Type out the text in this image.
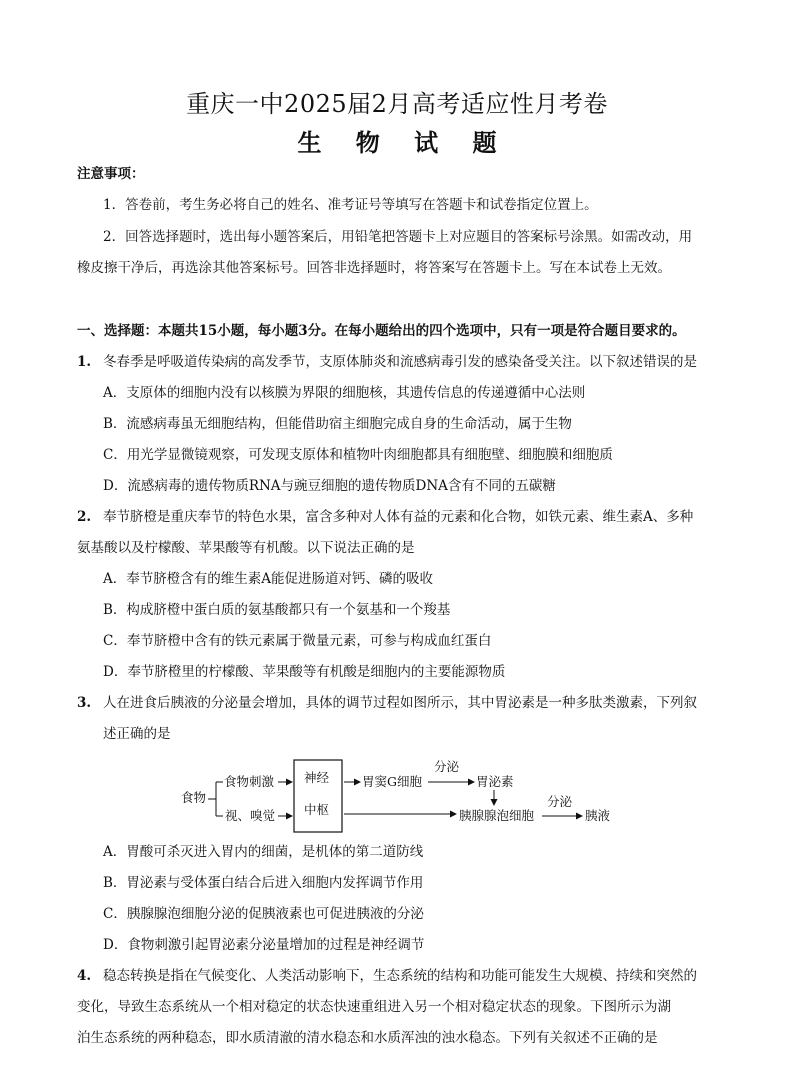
重庆一中2025届2月高考适应性月考卷
生 物 试 题
注意事项：
1．答卷前，考生务必将自己的姓名、准考证号等填写在答题卡和试卷指定位置上。
2．回答选择题时，选出每小题答案后，用铅笔把答题卡上对应题目的答案标号涂黑。如需改动，用
橡皮擦干净后，再选涂其他答案标号。回答非选择题时，将答案写在答题卡上。写在本试卷上无效。
一、选择题：本题共15小题，每小题3分。在每小题给出的四个选项中，只有一项是符合题目要求的。
1. 冬春季是呼吸道传染病的高发季节，支原体肺炎和流感病毒引发的感染备受关注。以下叙述错误的是
A．支原体的细胞内没有以核膜为界限的细胞核，其遗传信息的传递遵循中心法则
B．流感病毒虽无细胞结构，但能借助宿主细胞完成自身的生命活动，属于生物
C．用光学显微镜观察，可发现支原体和植物叶肉细胞都具有细胞壁、细胞膜和细胞质
D．流感病毒的遗传物质RNA与豌豆细胞的遗传物质DNA含有不同的五碳糖
2. 奉节脐橙是重庆奉节的特色水果，富含多种对人体有益的元素和化合物，如铁元素、维生素A、多种
氨基酸以及柠檬酸、苹果酸等有机酸。以下说法正确的是
A．奉节脐橙含有的维生素A能促进肠道对钙、磷的吸收
B．构成脐橙中蛋白质的氨基酸都只有一个氨基和一个羧基
C．奉节脐橙中含有的铁元素属于微量元素，可参与构成血红蛋白
D．奉节脐橙里的柠檬酸、苹果酸等有机酸是细胞内的主要能源物质
3. 人在进食后胰液的分泌量会增加，具体的调节过程如图所示，其中胃泌素是一种多肽类激素，下列叙
述正确的是
食物
食物刺激
视、嗅觉
神经
中枢
胃窦G细胞
分泌
胃泌素
胰腺腺泡细胞
分泌
胰液
A．胃酸可杀灭进入胃内的细菌，是机体的第二道防线
B．胃泌素与受体蛋白结合后进入细胞内发挥调节作用
C．胰腺腺泡细胞分泌的促胰液素也可促进胰液的分泌
D．食物刺激引起胃泌素分泌量增加的过程是神经调节
4. 稳态转换是指在气候变化、人类活动影响下，生态系统的结构和功能可能发生大规模、持续和突然的
变化，导致生态系统从一个相对稳定的状态快速重组进入另一个相对稳定状态的现象。下图所示为湖
泊生态系统的两种稳态，即水质清澈的清水稳态和水质浑浊的浊水稳态。下列有关叙述不正确的是
